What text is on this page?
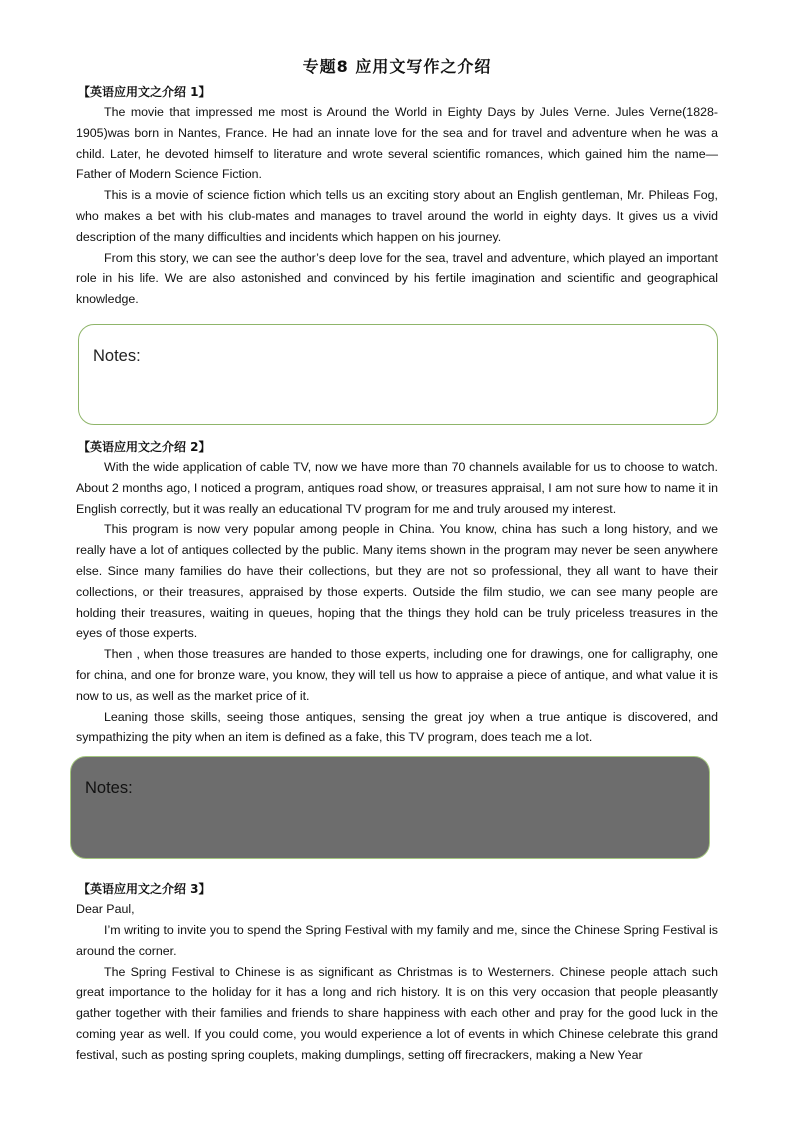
专题8 应用文写作之介绍
【英语应用文之介绍 1】

The movie that impressed me most is Around the World in Eighty Days by Jules Verne. Jules Verne(1828-1905)was born in Nantes, France. He had an innate love for the sea and for travel and adventure when he was a child. Later, he devoted himself to literature and wrote several scientific romances, which gained him the name—Father of Modern Science Fiction.

This is a movie of science fiction which tells us an exciting story about an English gentleman, Mr. Phileas Fog, who makes a bet with his club-mates and manages to travel around the world in eighty days. It gives us a vivid description of the many difficulties and incidents which happen on his journey.

From this story, we can see the author’s deep love for the sea, travel and adventure, which played an important role in his life. We are also astonished and convinced by his fertile imagination and scientific and geographical knowledge.

Notes:
【英语应用文之介绍 2】

With the wide application of cable TV, now we have more than 70 channels available for us to choose to watch. About 2 months ago, I noticed a program, antiques road show, or treasures appraisal, I am not sure how to name it in English correctly, but it was really an educational TV program for me and truly aroused my interest.

This program is now very popular among people in China. You know, china has such a long history, and we really have a lot of antiques collected by the public. Many items shown in the program may never be seen anywhere else. Since many families do have their collections, but they are not so professional, they all want to have their collections, or their treasures, appraised by those experts. Outside the film studio, we can see many people are holding their treasures, waiting in queues, hoping that the things they hold can be truly priceless treasures in the eyes of those experts.

Then , when those treasures are handed to those experts, including one for drawings, one for calligraphy, one for china, and one for bronze ware, you know, they will tell us how to appraise a piece of antique, and what value it is now to us, as well as the market price of it.

Leaning those skills, seeing those antiques, sensing the great joy when a true antique is discovered, and sympathizing the pity when an item is defined as a fake, this TV program, does teach me a lot.

Notes:
【英语应用文之介绍 3】

Dear Paul,

I’m writing to invite you to spend the Spring Festival with my family and me, since the Chinese Spring Festival is around the corner.

The Spring Festival to Chinese is as significant as Christmas is to Westerners. Chinese people attach such great importance to the holiday for it has a long and rich history. It is on this very occasion that people pleasantly gather together with their families and friends to share happiness with each other and pray for the good luck in the coming year as well. If you could come, you would experience a lot of events in which Chinese celebrate this grand festival, such as posting spring couplets, making dumplings, setting off firecrackers, making a New Year
